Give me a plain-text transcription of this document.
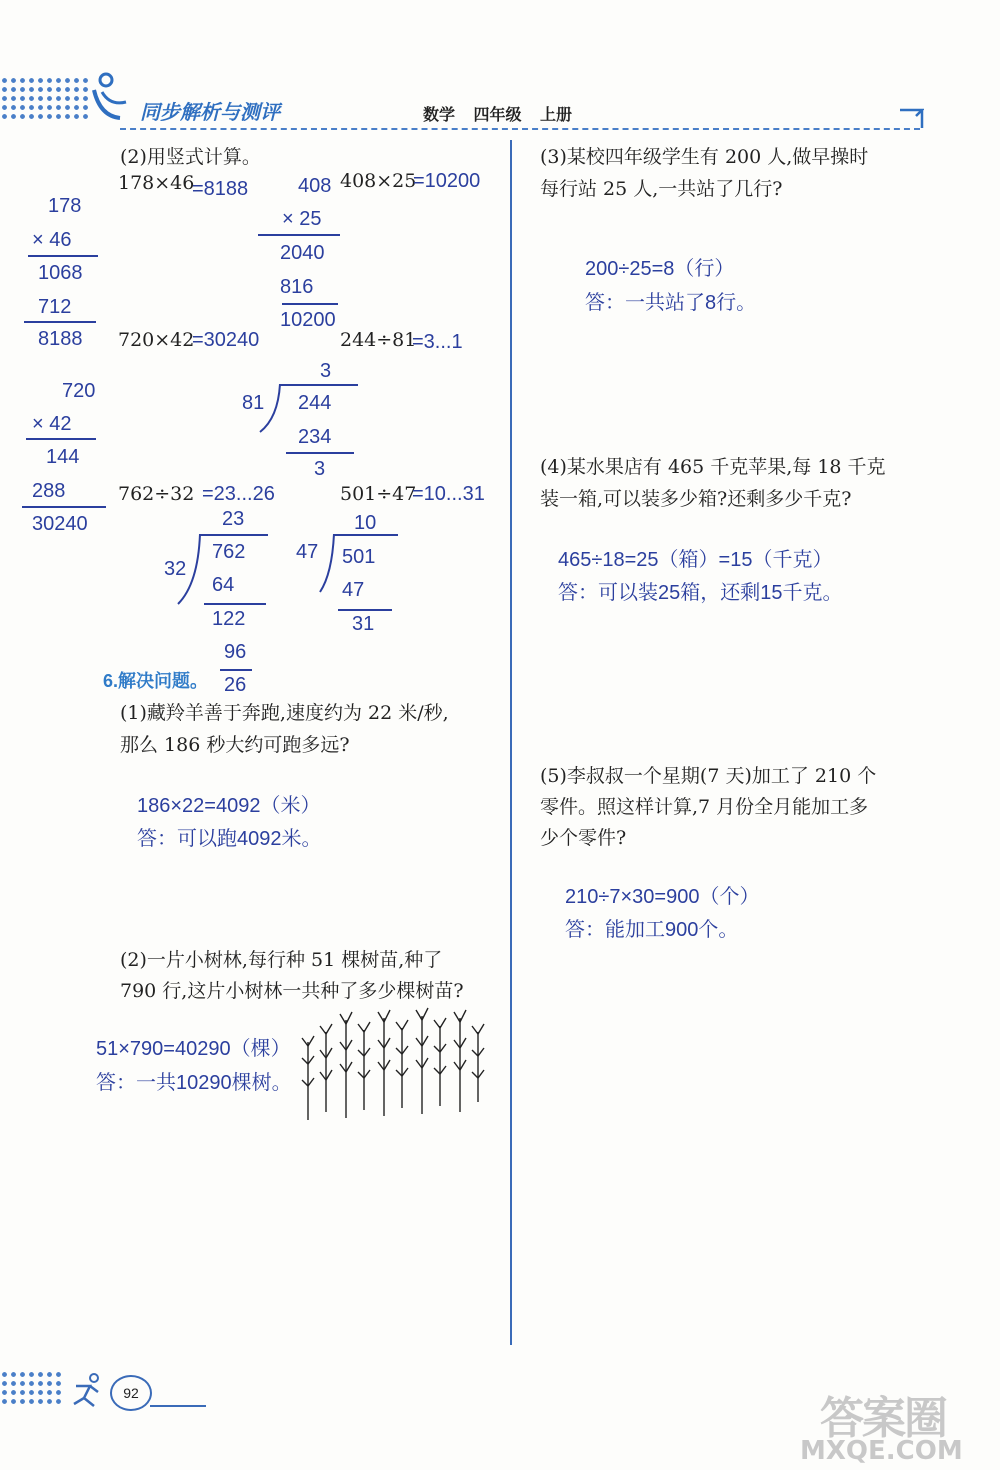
同步解析与测评	数学 四年级 上册
(2)用竖式计算。
178×46
=8188
178
× 46
1068
712
8188
408 408×25
=10200
× 25
2040
816
10200
720×42
=30240
720
× 42
144
288
30240
244÷81
=3...1
3
81 244
234
3
762÷32 =23...26
23
32
762
64
122
96
26
501÷47
=10...31
10
47 501
47
31
6.解决问题。
(1)藏羚羊善于奔跑,速度约为 22 米/秒,
那么 186 秒大约可跑多远?
186×22=4092（米）
答：可以跑4092米。
(2)一片小树林,每行种 51 棵树苗,种了
790 行,这片小树林一共种了多少棵树苗?
51×790=40290（棵）
答：一共10290棵树。
(3)某校四年级学生有 200 人,做早操时
每行站 25 人,一共站了几行?
200÷25=8（行）
答：一共站了8行。
(4)某水果店有 465 千克苹果,每 18 千克
装一箱,可以装多少箱?还剩多少千克?
465÷18=25（箱）=15（千克）
答：可以装25箱，还剩15千克。
(5)李叔叔一个星期(7 天)加工了 210 个
零件。照这样计算,7 月份全月能加工多
少个零件?
210÷7×30=900（个）
答：能加工900个。
92	答案圈
MXQE.COM
